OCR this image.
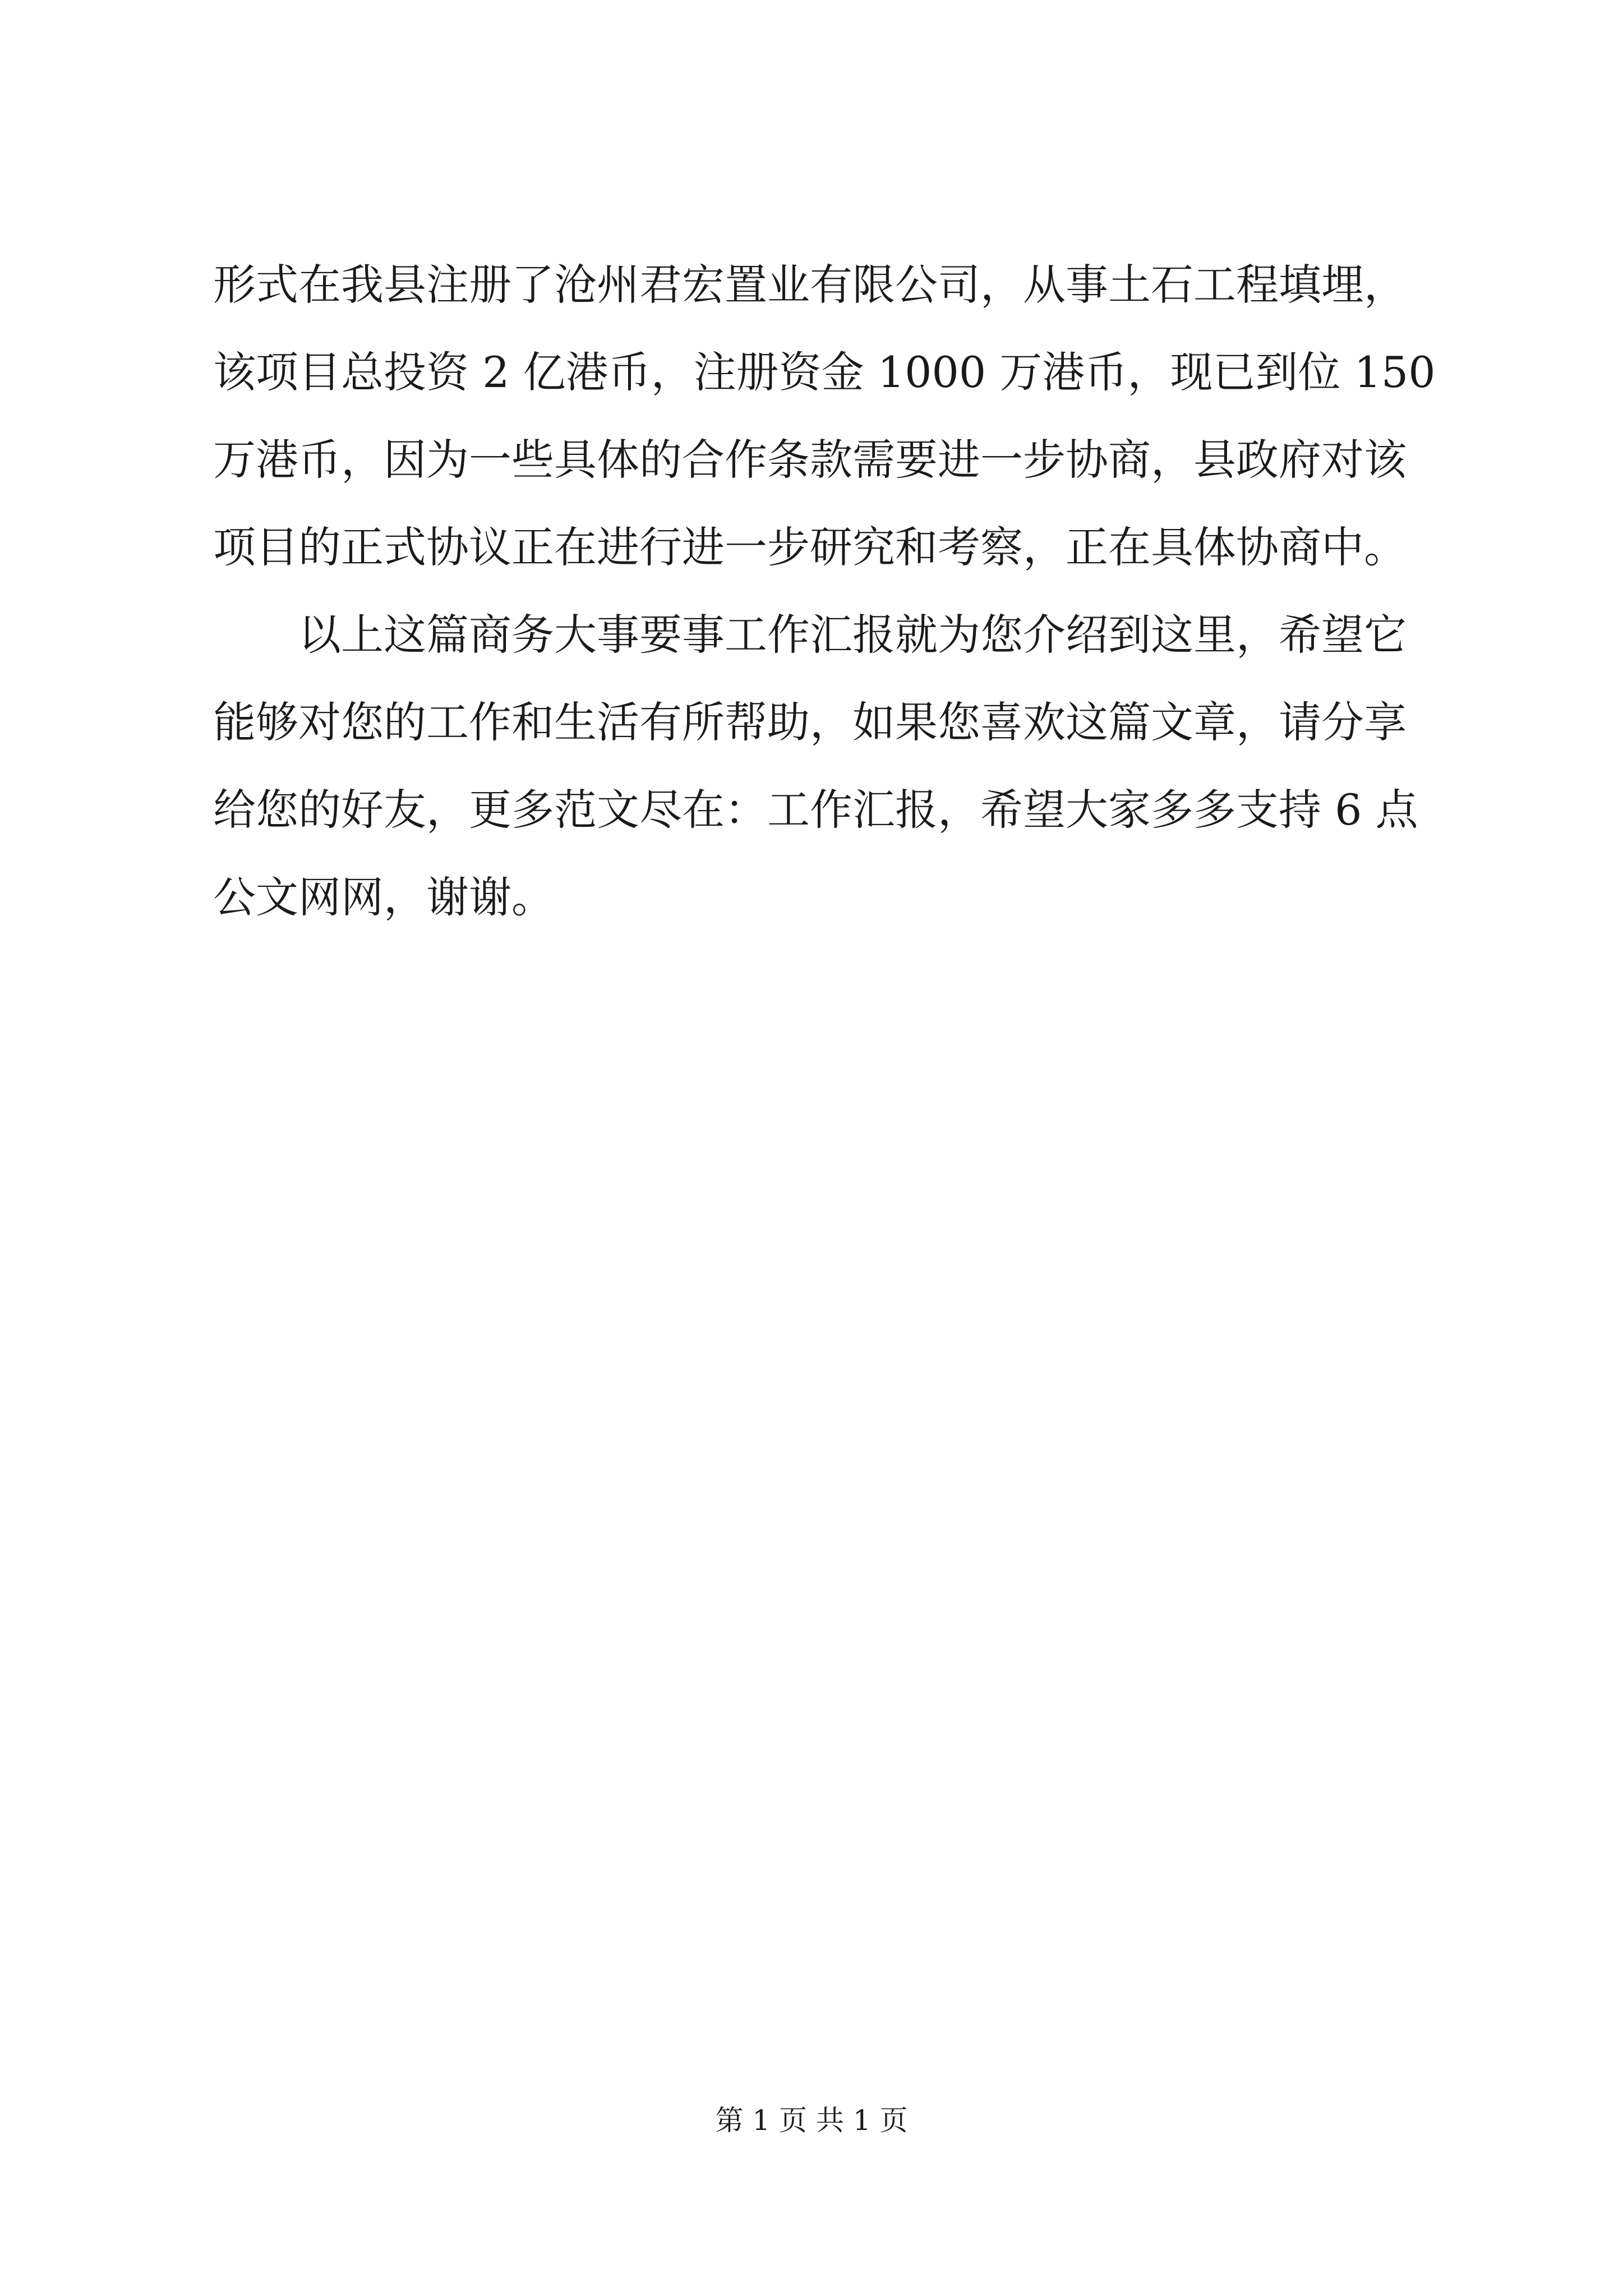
形式在我县注册了沧州君宏置业有限公司，从事土石工程填埋，
该项目总投资 2 亿港币，注册资金 1000 万港币，现已到位 150
万港币，因为一些具体的合作条款需要进一步协商，县政府对该
项目的正式协议正在进行进一步研究和考察，正在具体协商中。
　　以上这篇商务大事要事工作汇报就为您介绍到这里，希望它
能够对您的工作和生活有所帮助，如果您喜欢这篇文章，请分享
给您的好友，更多范文尽在：工作汇报，希望大家多多支持 6 点
公文网网，谢谢。
第 1 页 共 1 页
